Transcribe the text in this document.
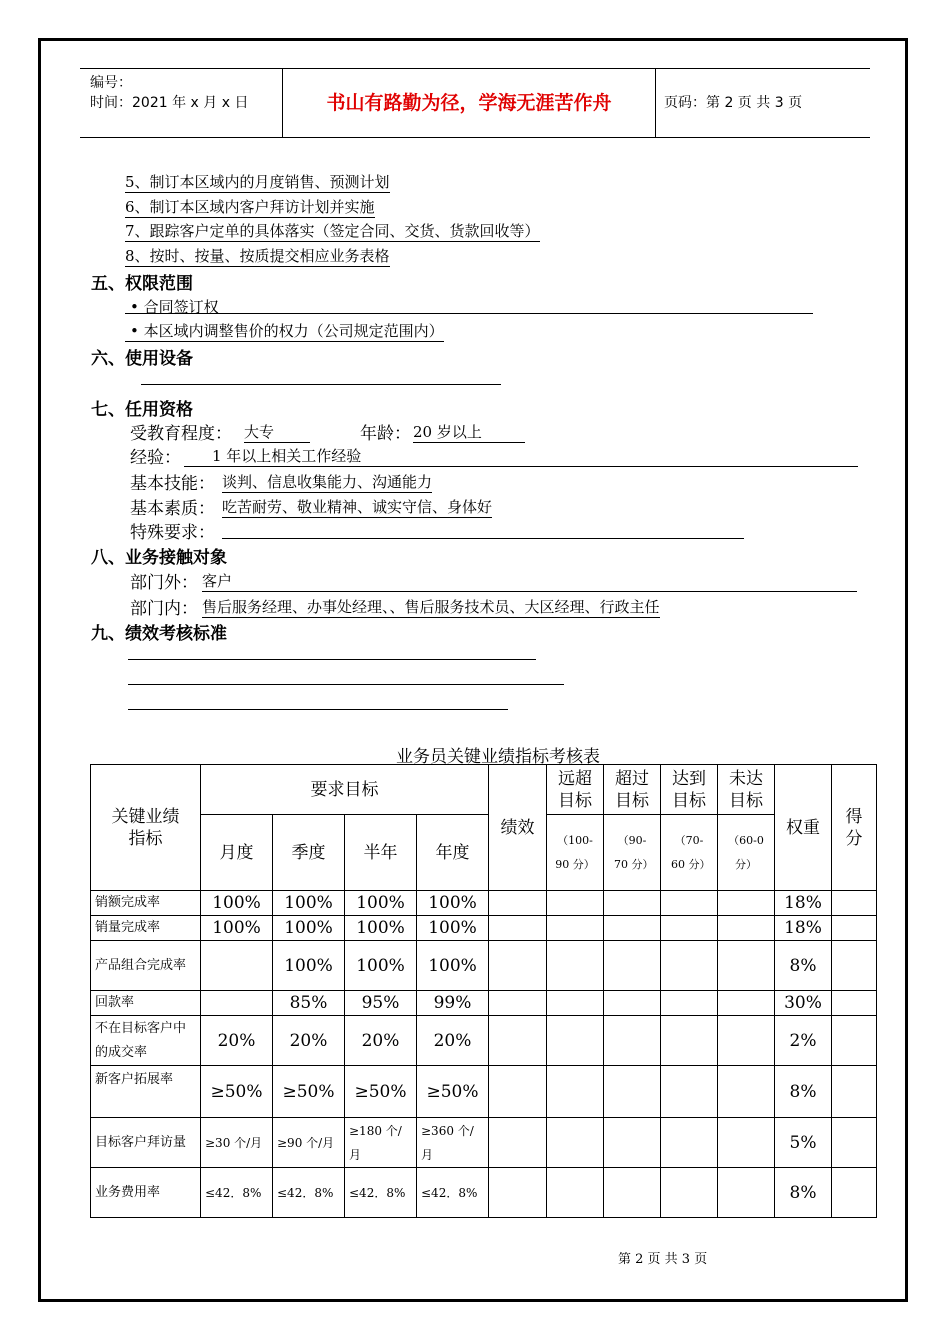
编号：
时间：2021 年 x 月 x 日	书山有路勤为径，学海无涯苦作舟	页码：第 2 页 共 3 页
5、制订本区域内的月度销售、预测计划
6、制订本区域内客户拜访计划并实施
7、跟踪客户定单的具体落实（签定合同、交货、货款回收等）
8、按时、按量、按质提交相应业务表格
五、权限范围
• 合同签订权
• 本区域内调整售价的权力（公司规定范围内）
六、使用设备
七、任用资格
受教育程度： 大专	年龄： 20 岁以上
经验：	1 年以上相关工作经验
基本技能： 谈判、信息收集能力、沟通能力
基本素质： 吃苦耐劳、敬业精神、诚实守信、身体好
特殊要求：
八、业务接触对象
部门外： 客户
部门内： 售后服务经理、办事处经理、、售后服务技术员、大区经理、行政主任
九、绩效考核标准
业务员关键业绩指标考核表
关键业绩指标	要求目标				绩效	远超目标	超过目标	达到目标	未达目标	权重	得分

	月度	季度	半年	年度		（100-90 分）	（90-70 分）	（70-60 分）	（60-0 分）		

销额完成率	100%	100%	100%	100%						18%	
销量完成率	100%	100%	100%	100%						18%	
产品组合完成率		100%	100%	100%						8%	
回款率		85%	95%	99%						30%	
不在目标客户中的成交率	20%	20%	20%	20%						2%	
新客户拓展率	≥50%	≥50%	≥50%	≥50%						8%	
目标客户拜访量	≥30 个/月	≥90 个/月	≥180 个/月	≥360 个/月						5%	
业务费用率	≤42．8%	≤42．8%	≤42．8%	≤42．8%						8%	
第 2 页 共 3 页
